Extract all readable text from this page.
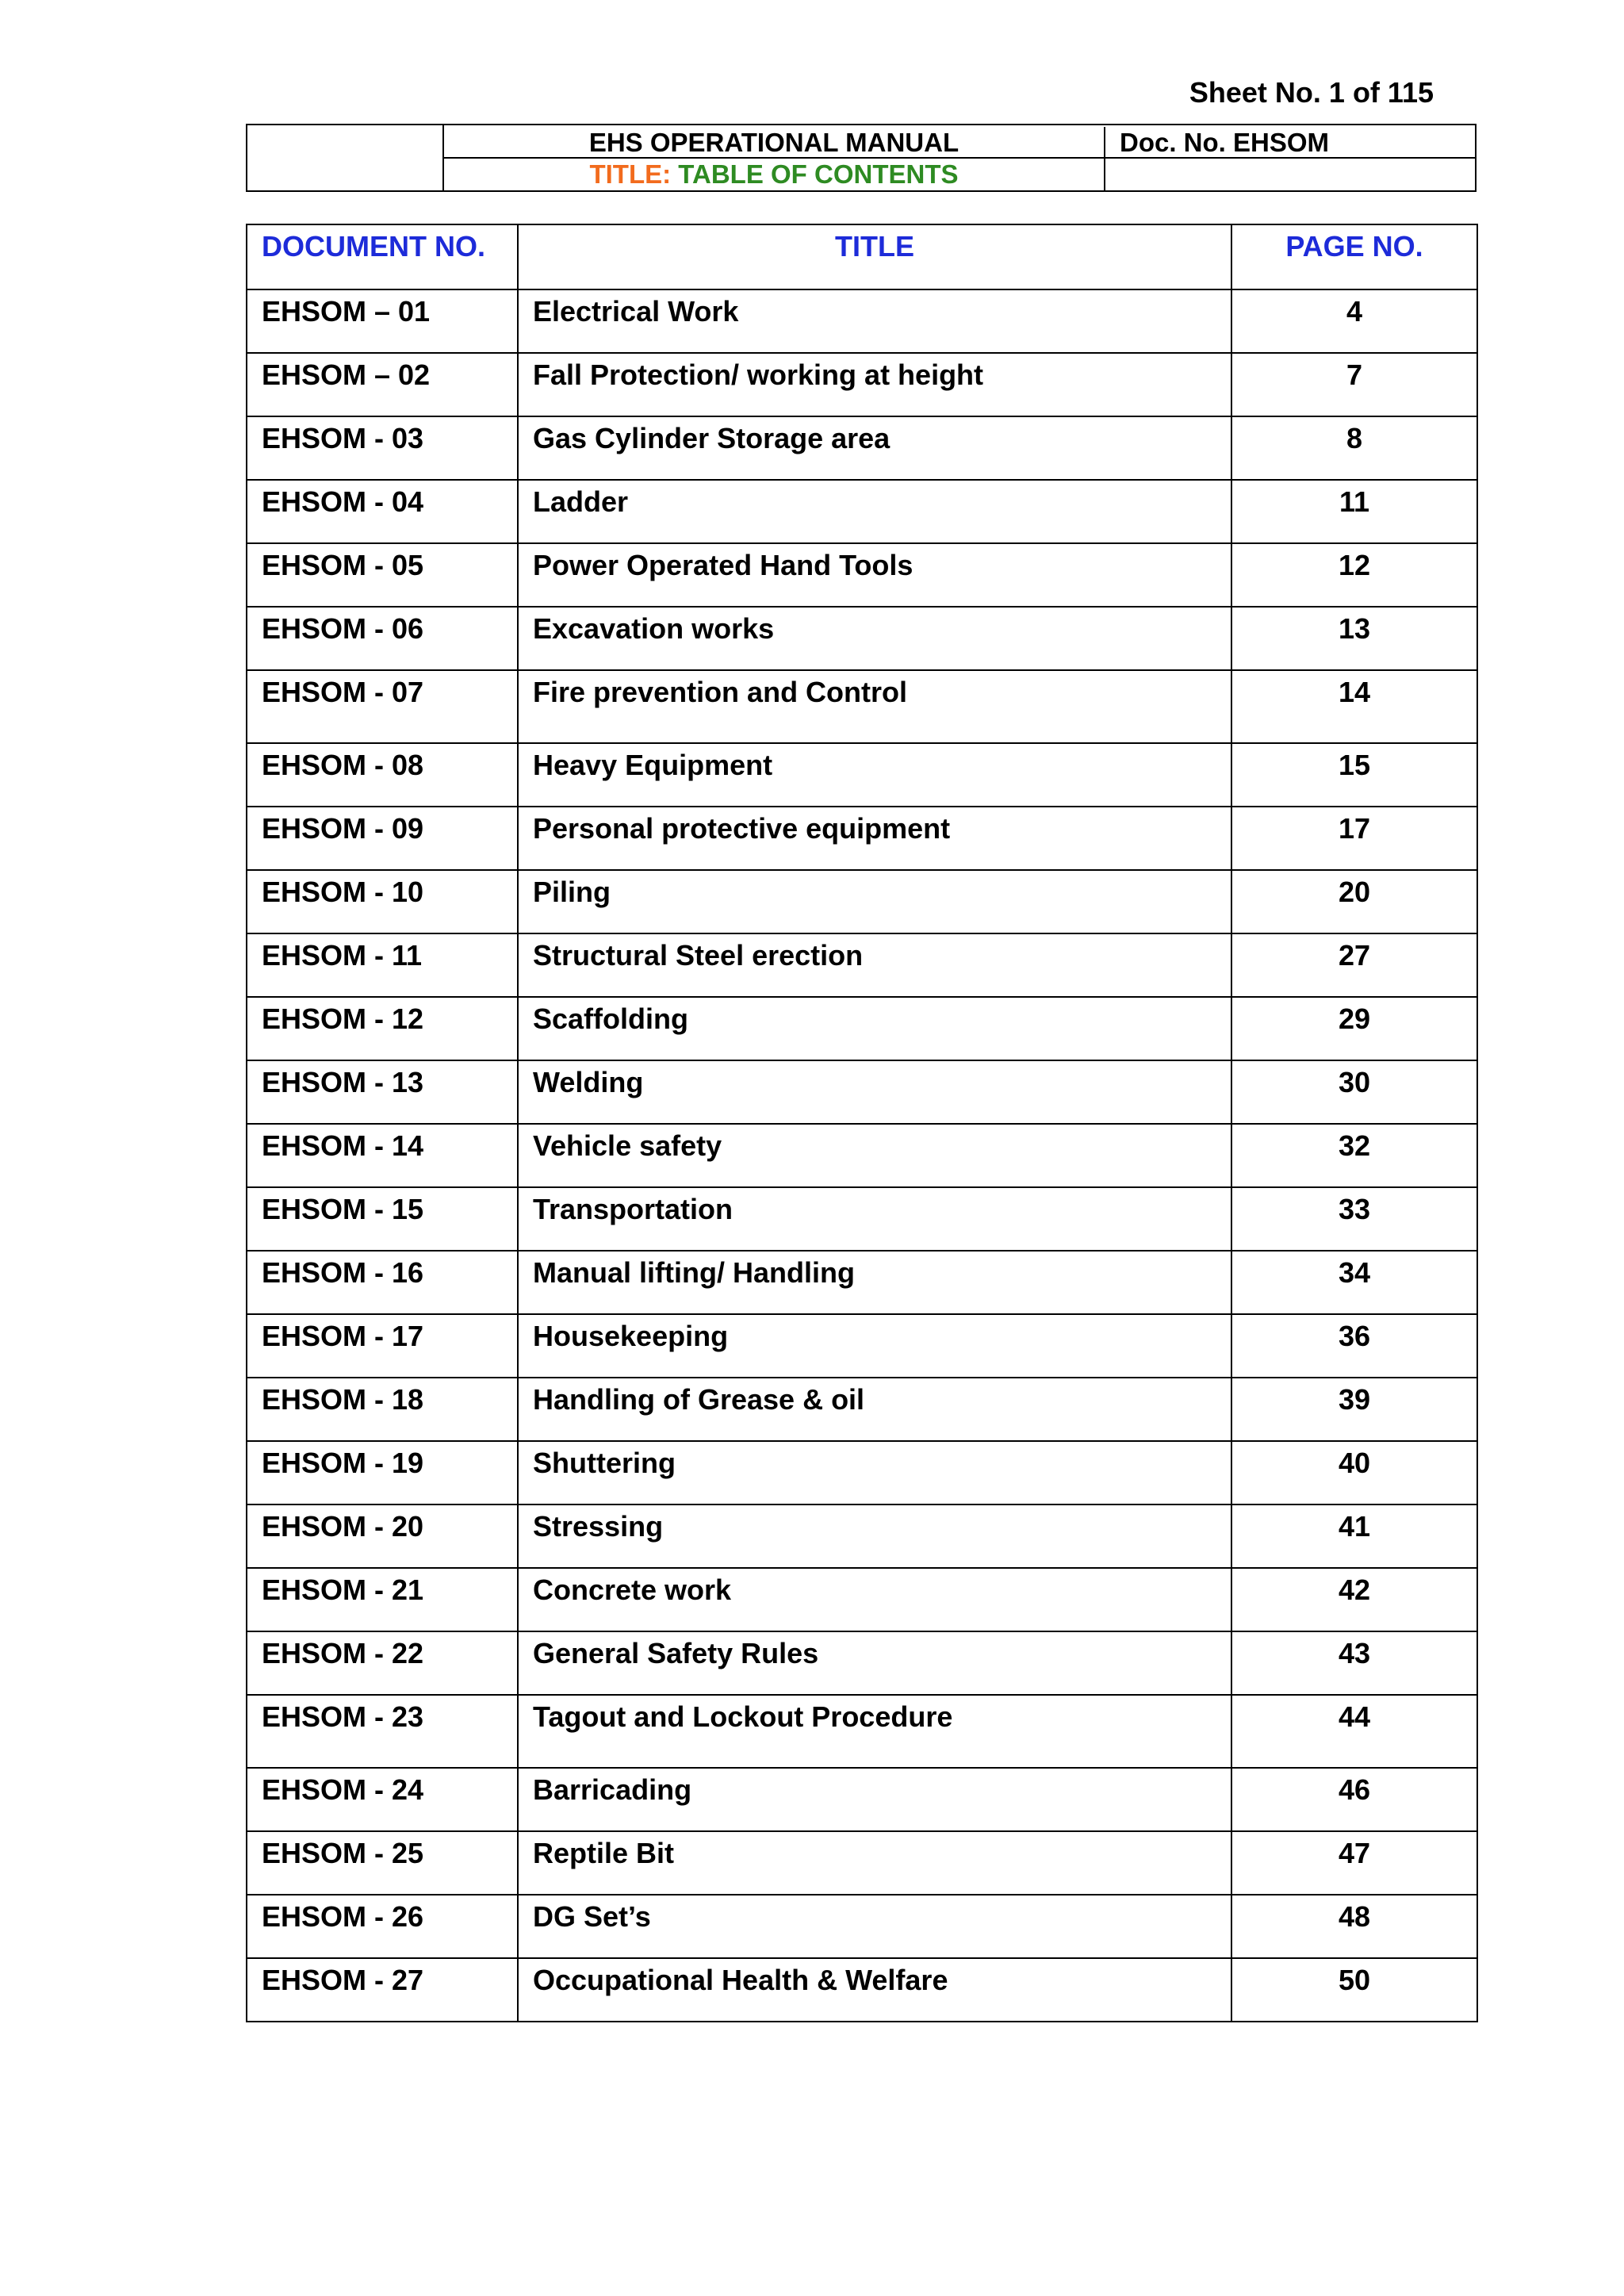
Sheet No. 1 of 115
EHS OPERATIONAL MANUAL	Doc. No. EHSOM
TITLE: TABLE OF CONTENTS
DOCUMENT NO.	TITLE	PAGE NO.
EHSOM – 01	Electrical Work	4
EHSOM – 02	Fall Protection/ working at height	7
EHSOM - 03	Gas Cylinder Storage area	8
EHSOM - 04	Ladder	11
EHSOM - 05	Power Operated Hand Tools	12
EHSOM - 06	Excavation works	13
EHSOM - 07	Fire prevention and Control	14
EHSOM - 08	Heavy Equipment	15
EHSOM - 09	Personal protective equipment	17
EHSOM - 10	Piling	20
EHSOM - 11	Structural Steel erection	27
EHSOM - 12	Scaffolding	29
EHSOM - 13	Welding	30
EHSOM - 14	Vehicle safety	32
EHSOM - 15	Transportation	33
EHSOM - 16	Manual lifting/ Handling	34
EHSOM - 17	Housekeeping	36
EHSOM - 18	Handling of Grease & oil	39
EHSOM - 19	Shuttering	40
EHSOM - 20	Stressing	41
EHSOM - 21	Concrete work	42
EHSOM - 22	General Safety Rules	43
EHSOM - 23	Tagout and Lockout Procedure	44
EHSOM - 24	Barricading	46
EHSOM - 25	Reptile Bit	47
EHSOM - 26	DG Set’s	48
EHSOM - 27	Occupational Health & Welfare	50
